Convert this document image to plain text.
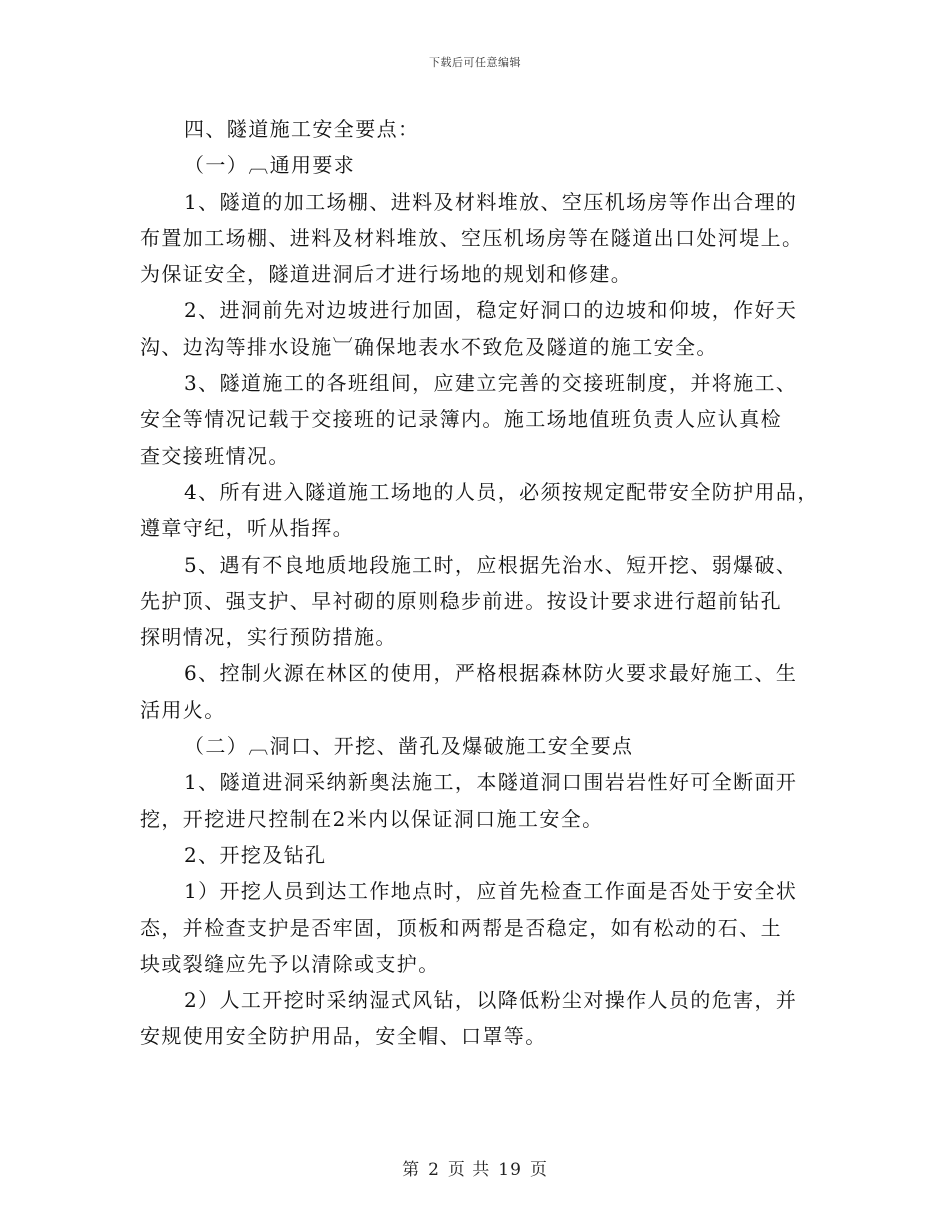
下载后可任意编辑
四、隧道施工安全要点：
（一）︹通用要求
1、隧道的加工场棚、进料及材料堆放、空压机场房等作出合理的
布置加工场棚、进料及材料堆放、空压机场房等在隧道出口处河堤上。
为保证安全，隧道进洞后才进行场地的规划和修建。
2、进洞前先对边坡进行加固，稳定好洞口的边坡和仰坡，作好天
沟、边沟等排水设施︺确保地表水不致危及隧道的施工安全。
3、隧道施工的各班组间，应建立完善的交接班制度，并将施工、
安全等情况记载于交接班的记录簿内。施工场地值班负责人应认真检
查交接班情况。
4、所有进入隧道施工场地的人员，必须按规定配带安全防护用品，
遵章守纪，听从指挥。
5、遇有不良地质地段施工时，应根据先治水、短开挖、弱爆破、
先护顶、强支护、早衬砌的原则稳步前进。按设计要求进行超前钻孔
探明情况，实行预防措施。
6、控制火源在林区的使用，严格根据森林防火要求最好施工、生
活用火。
（二）︹洞口、开挖、凿孔及爆破施工安全要点
1、隧道进洞采纳新奥法施工，本隧道洞口围岩岩性好可全断面开
挖，开挖进尺控制在2米内以保证洞口施工安全。
2、开挖及钻孔
1）开挖人员到达工作地点时，应首先检查工作面是否处于安全状
态，并检查支护是否牢固，顶板和两帮是否稳定，如有松动的石、土
块或裂缝应先予以清除或支护。
2）人工开挖时采纳湿式风钻，以降低粉尘对操作人员的危害，并
安规使用安全防护用品，安全帽、口罩等。
第 2 页 共 19 页
